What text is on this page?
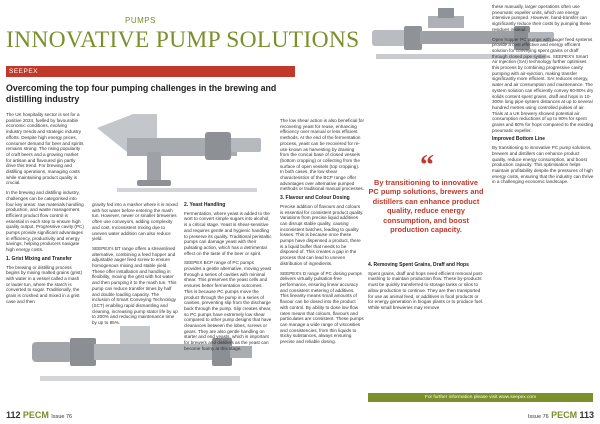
PUMPS
INNOVATIVE PUMP SOLUTIONS
SEEPEX
Overcoming the top four pumping challenges in the brewing and distilling industry

The UK hospitality sector is set for a positive 2024, fuelled by favourable economic conditions, evolving industry trends and strategic industry efforts. Despite high energy prices, consumer demand for beer and spirits remains strong. The rising popularity of craft beers and a growing market for artisan and flavoured gin partly drive this trend. For brewing and distilling operations, managing costs while maintaining product quality is crucial.

In the brewing and distilling industry, challenges can be categorised into four key areas: raw materials handling production, and waste management. Efficient product flow control is essential in each step to ensure high quality output. Progressive cavity (PC) pumps provide significant advantages in efficiency, productivity and energy savings, helping producers navigate high energy costs.

1. Grist Mixing and Transfer

The brewing or distilling process begins by mixing malted grains (grist) with water in a vessel called a mash or lauter tun, where the starch is converted to sugar. Traditionally, the grain is crushed and mixed in a grist case and then

gravity fed into a masher where it is mixed with hot water before entering the mash tun. However, newer or smaller breweries often use conveyors, adding complexity and cost. Inconsistent mixing due to uneven water addition can also reduce yield.

SEEPEX's BT range offers a streamlined alternative, combining a feed hopper and adjustable auger feed screw to ensure homogenous mixing and stable yield. These offer installation and handling in flexibility, moving the grist with hot water and then pumping it to the mash tun. This pump can reduce transfer times by half and double loading capacity. The inclusion of Smart Conveying Technology (SCT) enabling rapid dismantling and cleaning, increasing pump stator life by up to 200% and reducing maintenance time by up to 85%.

2. Yeast Handling

Fermentation, where yeast is added to the wort to convert simple sugars into alcohol, is a critical stage. Yeast is shear-sensitive and requires gentle and hygienic handling to preserve its quality. Traditional peristaltic pumps can damage yeast with their pulsating action, which has a detrimental effect on the taste of the beer or spirit.

SEEPEX BCP range of PC pumps provides a gentle alternative, moving yeast through a series of cavities with minimal shear. This preserves the yeast cells and ensures better fermentation outcomes. This is because PC pumps move the product through the pump in a series of cavities, preventing slip from the discharge back through the pump. Slip creates shear, so PC pumps have extremely low shear compared to other pump designs that have clearances between the lobes, screws or gears. They are also gentle handling on starter and end yeasts, which is important for brewers and distillers as the yeast can become foamy at this stage.

The low shear action is also beneficial for recovering yeast for reuse, enhancing efficiency over manual or less efficient methods. At the end of the fermentation process, yeast can be recovered for re-use known as harvesting by draining from the conical base of closed vessels (bottom cropping) or collecting from the surface of open vessels (top cropping). In both cases, the low shear characteristics of the BCP range offer advantages over alternative pumped methods or traditional manual processes.

3. Flavour and Colour Dosing

Precise addition of flavours and colours is essential for consistent product quality. Variations from precise liquid additives can disrupt stable quality, causing inconsistent batches, leading to quality losses. This is because once these pumps have dispensed a product, there is a liquid buffer that needs to be disposed of. This creates a gap in the process that can lead to uneven distribution of ingredients.

SEEPEX's D range of PC dosing pumps delivers virtually pulsation-free performance, ensuring linear accuracy and consistent metering of additives. This linearity means small amounts of flavour can be dosed into the product with control. By ability to dose low flow rates means that colours, flavours and particulates are consistent. These pumps can manage a wide range of viscosities and consistencies, from thin liquids to sticky substances, always ensuring precise and reliable dosing.

“
By transitioning to innovative PC pump solutions, brewers and distillers can enhance product quality, reduce energy consumption, and boost production capacity.
4. Removing Spent Grains, Draff and Hops

Spent grains, draff and hops need efficient removal post-mashing to maintain production flow. These by-products must be quickly transferred to storage tanks or silos to allow production to continue. They are then transported for use as animal feed, or additives in food products or for energy generation in biogas plants or to produce fuel. While small breweries may remove

these manually, larger operations often use pneumatic expeller units, which are energy intensive pumped. However, hand-transfer can significantly reduce their costs by pumping these residues instead.

Open hopper PC pumps with auger feed systems provide a cost effective and energy efficient solution for conveying spent grains or draff through closed pipe systems. SEEPEX's Smart Air Injection (SAI) technology further optimises this process by combining progressive cavity pumping with air-ejection, making transfer significantly more efficient. SAI reduces energy, water and air consumption and maintenance. The system solution can efficiently convey 60-80% dry solids content spent grains, draff and hops in 10-300m long pipe system distances at up to several hundred metres using controlled pulses of air. Trials at a UK brewery showed potential air consumption reductions of up to 90% for spent grains and 80% for hops compared to the existing pneumatic expeller.

Improved Bottom Line

By transitioning to innovative PC pump solutions, brewers and distillers can enhance product quality, reduce energy consumption, and boost production capacity. This optimisation helps maintain profitability despite the pressures of high energy costs, ensuring that the industry can thrive in a challenging economic landscape.

For further information please visit www.seepex.com
112 PECM Issue 76	Issue 76 PECM 113
